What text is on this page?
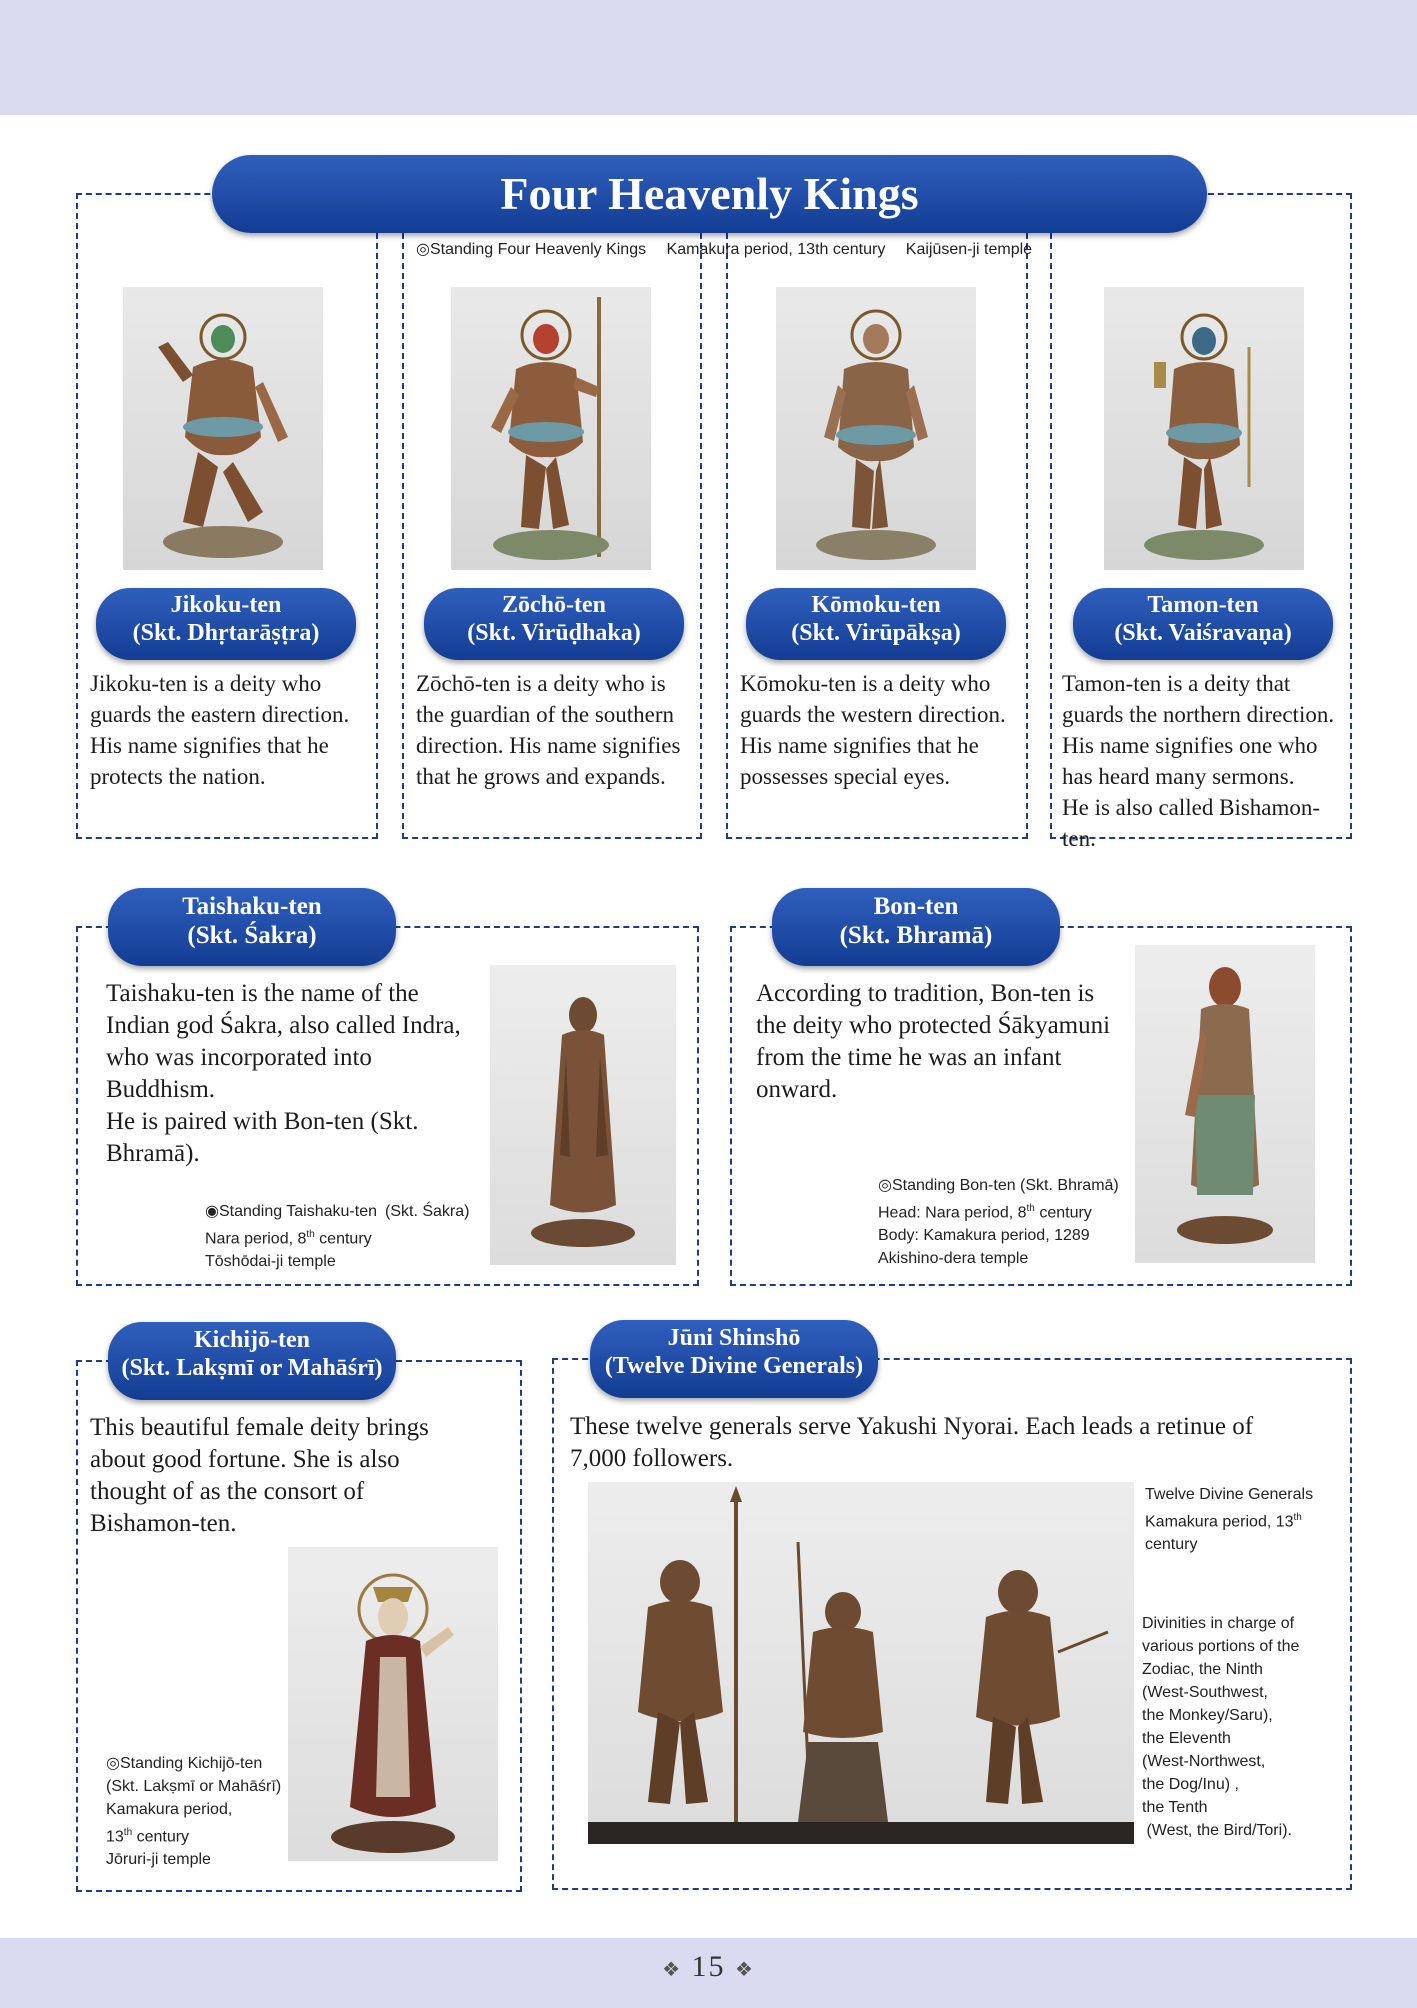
Four Heavenly Kings
◎Standing Four Heavenly Kings  Kamakura period, 13th century  Kaijūsen-ji temple
Jikoku-ten
(Skt. Dhṛtarāṣṭra)
Zōchō-ten
(Skt. Virūḍhaka)
Kōmoku-ten
(Skt. Virūpākṣa)
Tamon-ten
(Skt. Vaiśravaṇa)
Jikoku-ten is a deity who guards the eastern direction. His name signifies that he protects the nation.
Zōchō-ten is a deity who is the guardian of the southern direction. His name signifies that he grows and expands.
Kōmoku-ten is a deity who guards the western direction. His name signifies that he possesses special eyes.
Tamon-ten is a deity that guards the northern direction. His name signifies one who has heard many sermons.
He is also called Bishamon-ten.
Taishaku-ten
(Skt. Śakra)
Taishaku-ten is the name of the Indian god Śakra, also called Indra, who was incorporated into Buddhism.
He is paired with Bon-ten (Skt. Bhramā).
◉Standing Taishaku-ten (Skt. Śakra)
Nara period, 8th century
Tōshōdai-ji temple
Bon-ten
(Skt. Bhramā)
According to tradition, Bon-ten is the deity who protected Śākyamuni from the time he was an infant onward.
◎Standing Bon-ten (Skt. Bhramā)
Head: Nara period, 8th century
Body: Kamakura period, 1289
Akishino-dera temple
Kichijō-ten
(Skt. Lakṣmī or Mahāśrī)
This beautiful female deity brings about good fortune. She is also thought of as the consort of Bishamon-ten.
◎Standing Kichijō-ten
(Skt. Lakṣmī or Mahāśrī)
Kamakura period,
13th century
Jōruri-ji temple
Jūni Shinshō
(Twelve Divine Generals)
These twelve generals serve Yakushi Nyorai. Each leads a retinue of 7,000 followers.
Twelve Divine Generals
Kamakura period, 13th
century
Divinities in charge of
various portions of the
Zodiac, the Ninth
(West-Southwest,
the Monkey/Saru),
the Eleventh
(West-Northwest,
the Dog/Inu) ,
the Tenth
(West, the Bird/Tori).
❖ 15 ❖
